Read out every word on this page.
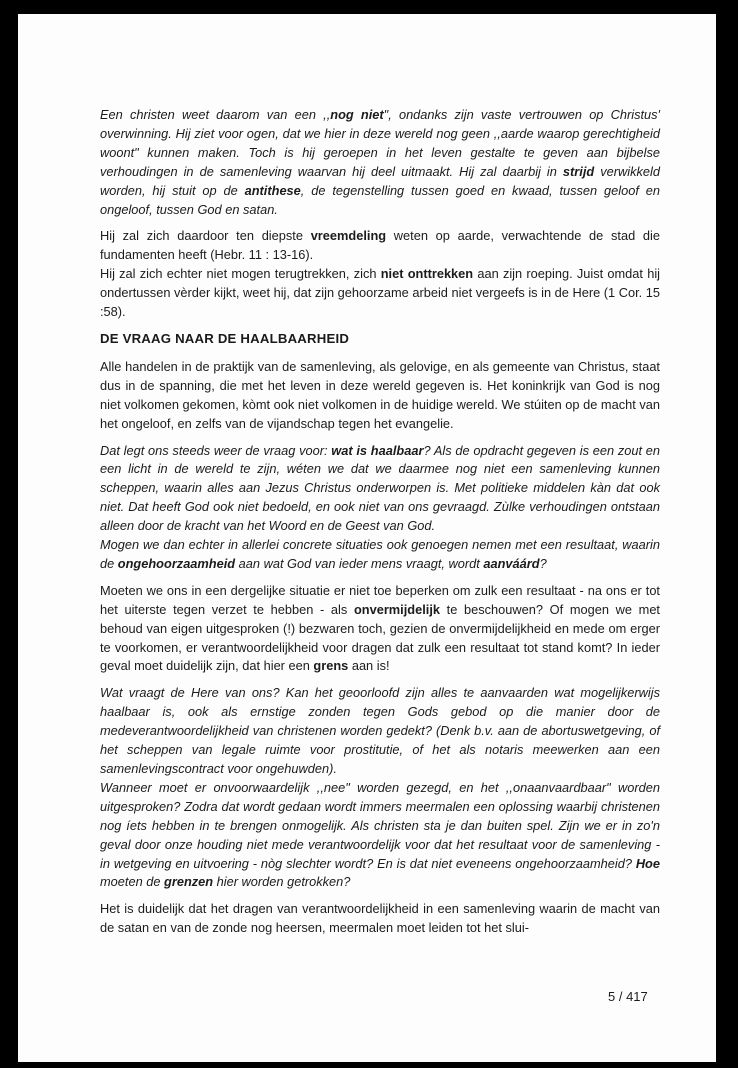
Een christen weet daarom van een ,,nog niet", ondanks zijn vaste vertrouwen op Christus' overwinning. Hij ziet voor ogen, dat we hier in deze wereld nog geen ,,aarde waarop gerechtigheid woont" kunnen maken. Toch is hij geroepen in het leven gestalte te geven aan bijbelse verhoudingen in de samenleving waarvan hij deel uitmaakt. Hij zal daarbij in strijd verwikkeld worden, hij stuit op de antithese, de tegenstelling tussen goed en kwaad, tussen geloof en ongeloof, tussen God en satan.

Hij zal zich daardoor ten diepste vreemdeling weten op aarde, verwachtende de stad die fundamenten heeft (Hebr. 11 : 13-16).

Hij zal zich echter niet mogen terugtrekken, zich niet onttrekken aan zijn roeping. Juist omdat hij ondertussen vèrder kijkt, weet hij, dat zijn gehoorzame arbeid niet vergeefs is in de Here (1 Cor. 15 :58).

DE VRAAG NAAR DE HAALBAARHEID

Alle handelen in de praktijk van de samenleving, als gelovige, en als gemeente van Christus, staat dus in de spanning, die met het leven in deze wereld gegeven is. Het koninkrijk van God is nog niet volkomen gekomen, kòmt ook niet volkomen in de huidige wereld. We stúiten op de macht van het ongeloof, en zelfs van de vijandschap tegen het evangelie.

Dat legt ons steeds weer de vraag voor: wat is haalbaar? Als de opdracht gegeven is een zout en een licht in de wereld te zijn, wéten we dat we daarmee nog niet een samenleving kunnen scheppen, waarin alles aan Jezus Christus onderworpen is. Met politieke middelen kàn dat ook niet. Dat heeft God ook niet bedoeld, en ook niet van ons gevraagd. Zùlke verhoudingen ontstaan alleen door de kracht van het Woord en de Geest van God.

Mogen we dan echter in allerlei concrete situaties ook genoegen nemen met een resultaat, waarin de ongehoorzaamheid aan wat God van ieder mens vraagt, wordt aanváárd?

Moeten we ons in een dergelijke situatie er niet toe beperken om zulk een resultaat - na ons er tot het uiterste tegen verzet te hebben - als onvermijdelijk te beschouwen? Of mogen we met behoud van eigen uitgesproken (!) bezwaren toch, gezien de onvermijdelijkheid en mede om erger te voorkomen, er verantwoordelijkheid voor dragen dat zulk een resultaat tot stand komt? In ieder geval moet duidelijk zijn, dat hier een grens aan is!

Wat vraagt de Here van ons? Kan het geoorloofd zijn alles te aanvaarden wat mogelijkerwijs haalbaar is, ook als ernstige zonden tegen Gods gebod op die manier door de medeverantwoordelijkheid van christenen worden gedekt? (Denk b.v. aan de abortuswetgeving, of het scheppen van legale ruimte voor prostitutie, of het als notaris meewerken aan een samenlevingscontract voor ongehuwden).

Wanneer moet er onvoorwaardelijk ,,nee" worden gezegd, en het ,,onaanvaardbaar" worden uitgesproken? Zodra dat wordt gedaan wordt immers meermalen een oplossing waarbij christenen nog íets hebben in te brengen onmogelijk. Als christen sta je dan buiten spel. Zijn we er in zo'n geval door onze houding niet mede verantwoordelijk voor dat het resultaat voor de samenleving - in wetgeving en uitvoering - nòg slechter wordt? En is dat niet eveneens ongehoorzaamheid? Hoe moeten de grenzen hier worden getrokken?

Het is duidelijk dat het dragen van verantwoordelijkheid in een samenleving waarin de macht van de satan en van de zonde nog heersen, meermalen moet leiden tot het slui-

5 / 417
